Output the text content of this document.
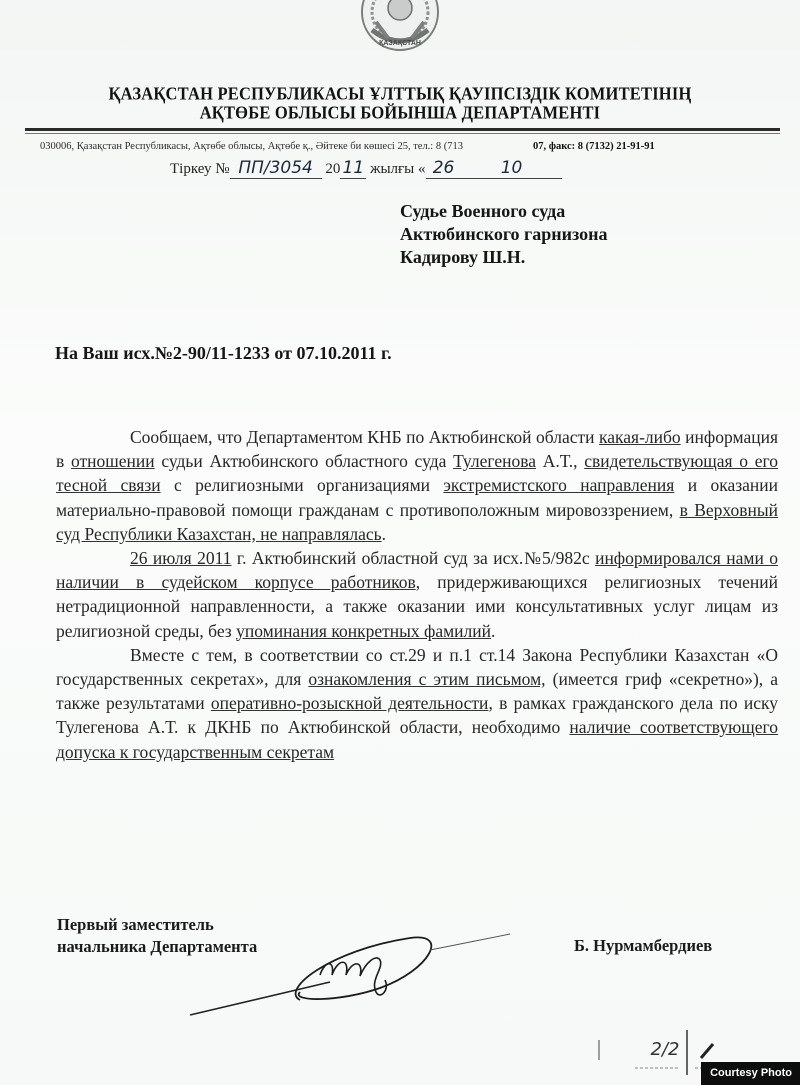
ҚАЗАҚСТАН
ҚАЗАҚСТАН РЕСПУБЛИКАСЫ ҰЛТТЫҚ ҚАУІПСІЗДІК КОМИТЕТІНІҢ
АҚТӨБЕ ОБЛЫСЫ БОЙЫНША ДЕПАРТАМЕНТІ
030006, Қазақстан Республикасы, Ақтөбе облысы, Ақтөбе қ., Әйтеке би көшесі 25, тел.: 8 (713	07, факс: 8 (7132) 21-91-91
Тіркеу № ПП/3054 20 11 жылғы « 26	10
Судье Военного суда
Актюбинского гарнизона
Кадирову Ш.Н.
На Ваш исх.№2-90/11-1233 от 07.10.2011 г.

Сообщаем, что Департаментом КНБ по Актюбинской области какая-либо информация в отношении судьи Актюбинского областного суда Тулегенова А.Т., свидетельствующая о его тесной связи с религиозными организациями экстремистского направления и оказании материально-правовой помощи гражданам с противоположным мировоззрением, в Верховный суд Республики Казахстан, не направлялась.

26 июля 2011 г. Актюбинский областной суд за исх.№5/982с информировался нами о наличии в судейском корпусе работников, придерживающихся религиозных течений нетрадиционной направленности, а также оказании ими консультативных услуг лицам из религиозной среды, без упоминания конкретных фамилий.

Вместе с тем, в соответствии со ст.29 и п.1 ст.14 Закона Республики Казахстан «О государственных секретах», для ознакомления с этим письмом, (имеется гриф «секретно»), а также результатами оперативно-розыскной деятельности, в рамках гражданского дела по иску Тулегенова А.Т. к ДКНБ по Актюбинской области, необходимо наличие соответствующего допуска к государственным секретам

Первый заместитель
начальника Департамента	Б. Нурмамбердиев
2/2
Courtesy Photo
